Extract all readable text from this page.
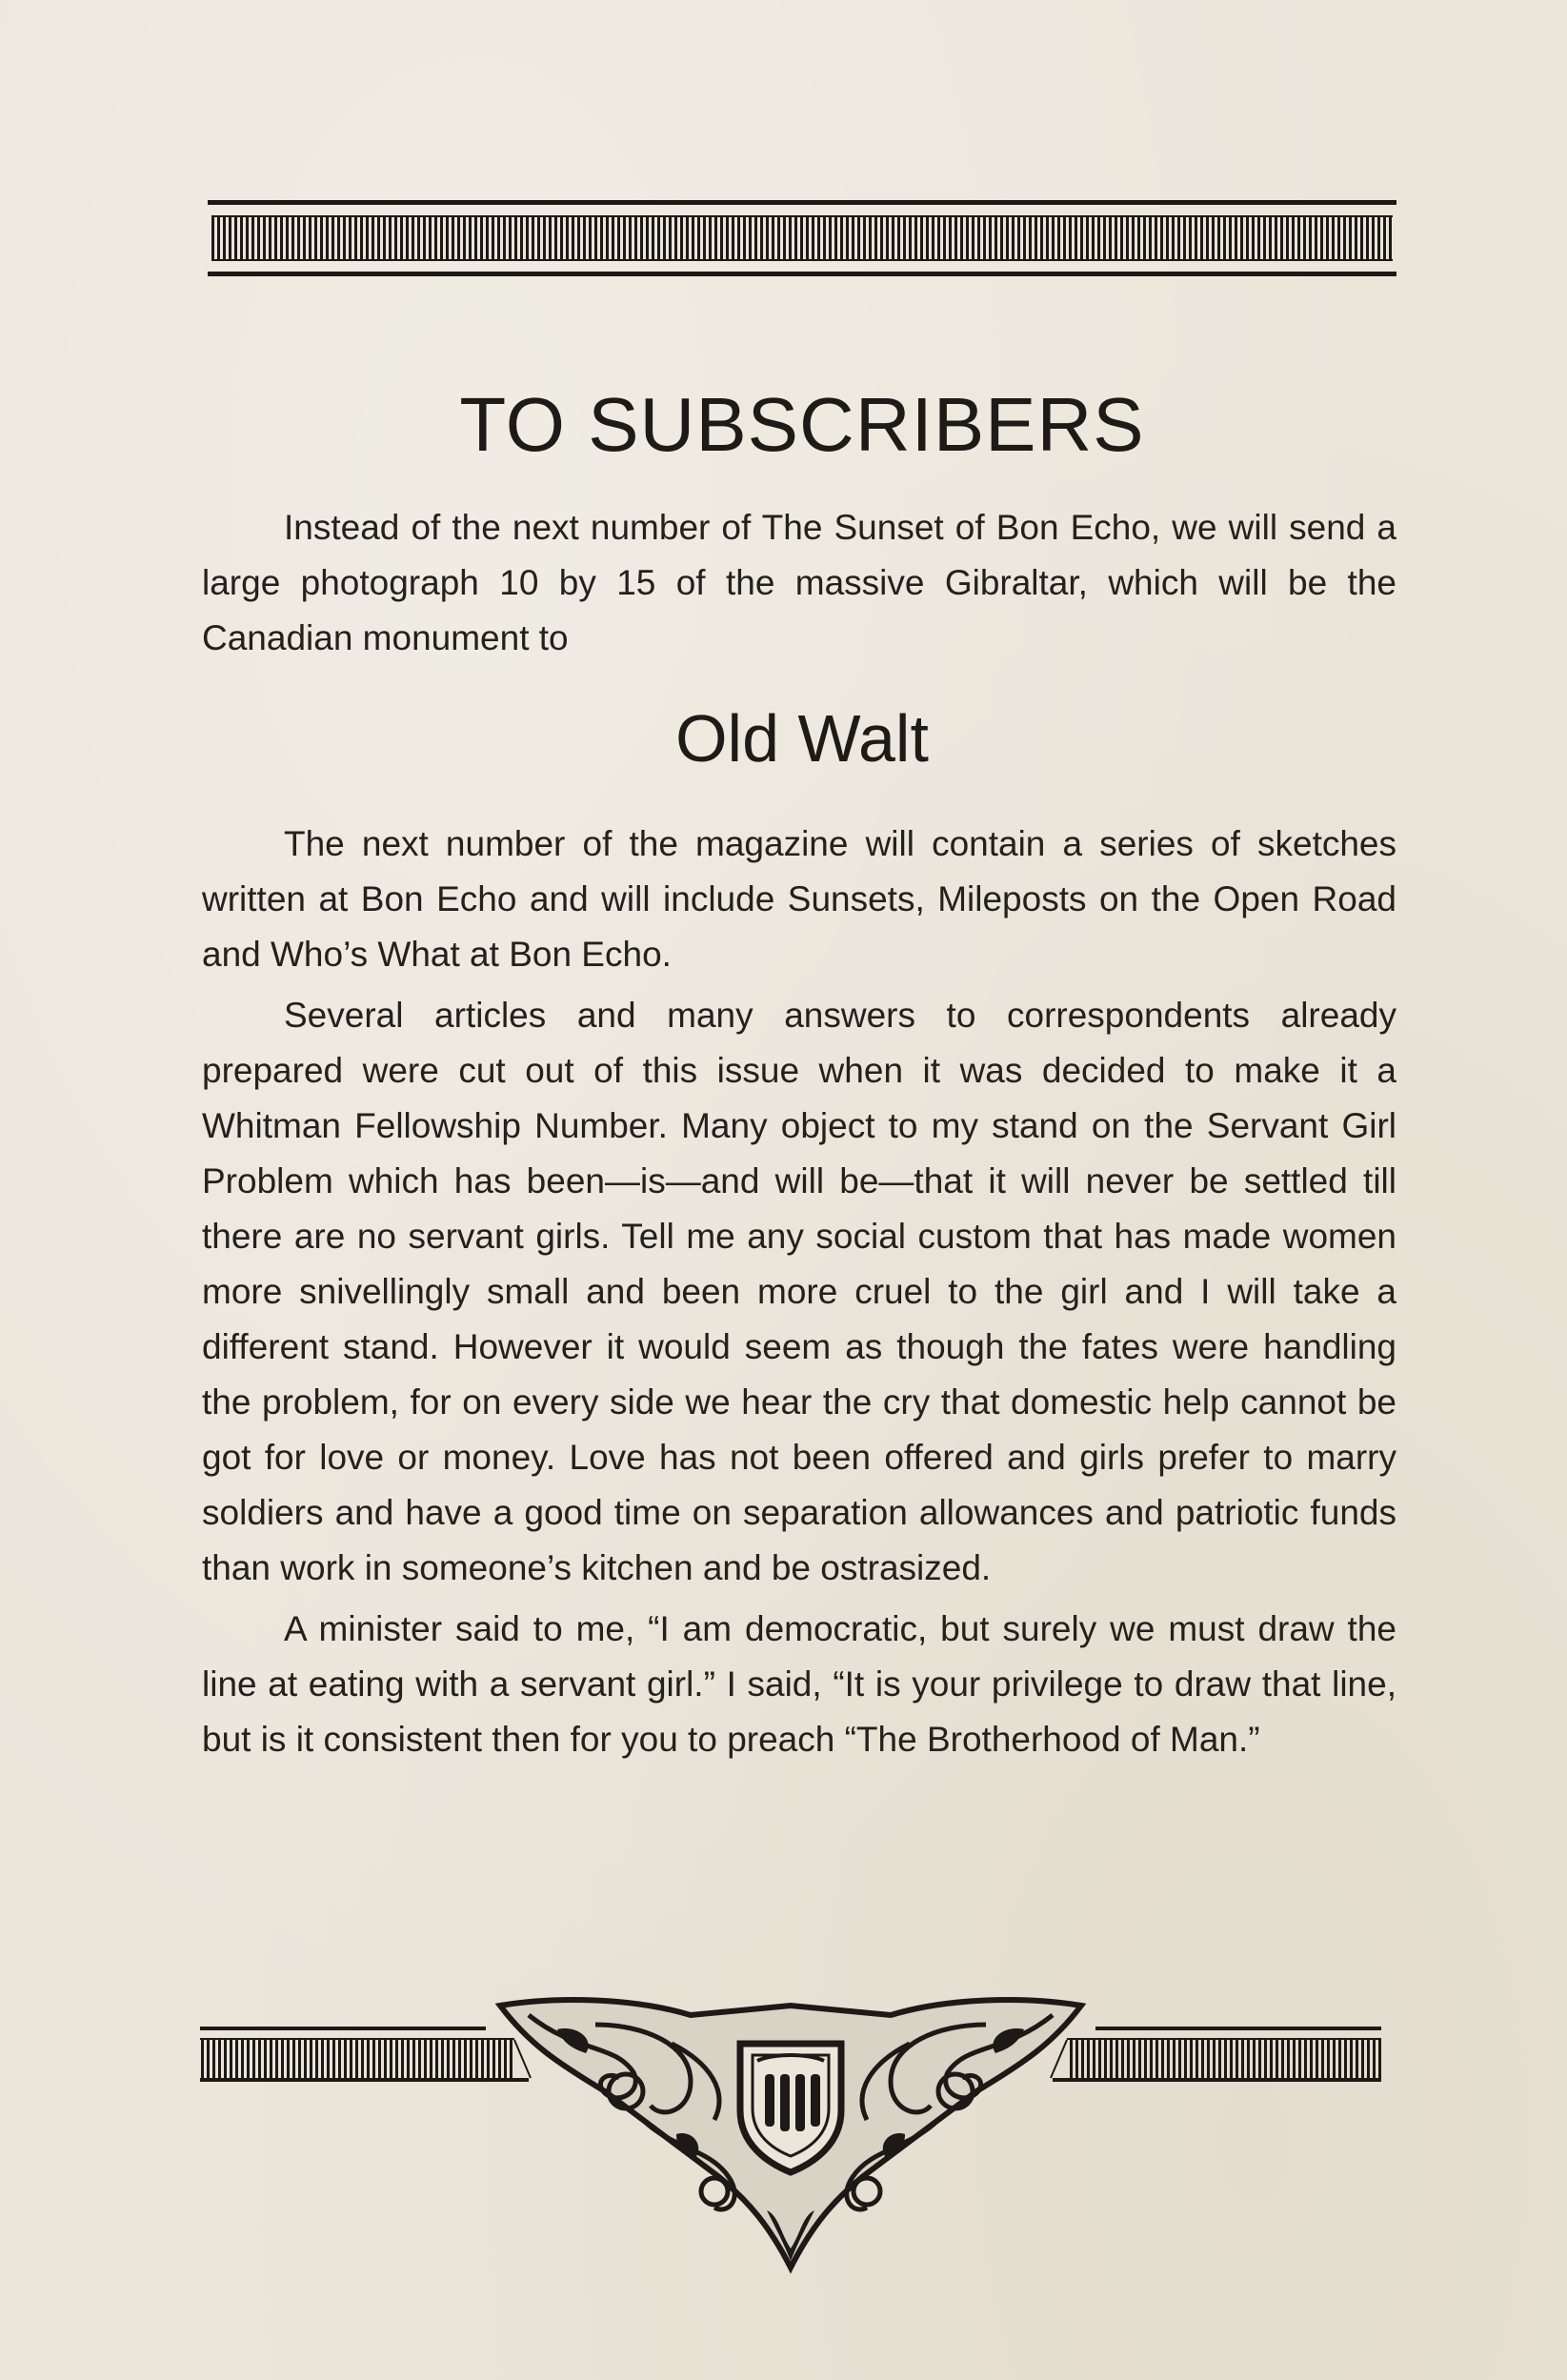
TO SUBSCRIBERS

Instead of the next number of The Sunset of Bon Echo, we will send a large photograph 10 by 15 of the massive Gibraltar, which will be the Canadian monument to

Old Walt

The next number of the magazine will contain a series of sketches written at Bon Echo and will include Sunsets, Mileposts on the Open Road and Who’s What at Bon Echo.

Several articles and many answers to correspondents already prepared were cut out of this issue when it was decided to make it a Whitman Fellowship Number. Many object to my stand on the Servant Girl Problem which has been—is—and will be—that it will never be settled till there are no servant girls. Tell me any social custom that has made women more snivellingly small and been more cruel to the girl and I will take a different stand. However it would seem as though the fates were handling the problem, for on every side we hear the cry that domestic help cannot be got for love or money. Love has not been offered and girls prefer to marry soldiers and have a good time on separation allowances and patriotic funds than work in someone’s kitchen and be ostrasized.

A minister said to me, “I am democratic, but surely we must draw the line at eating with a servant girl.” I said, “It is your privilege to draw that line, but is it consistent then for you to preach “The Brotherhood of Man.”
